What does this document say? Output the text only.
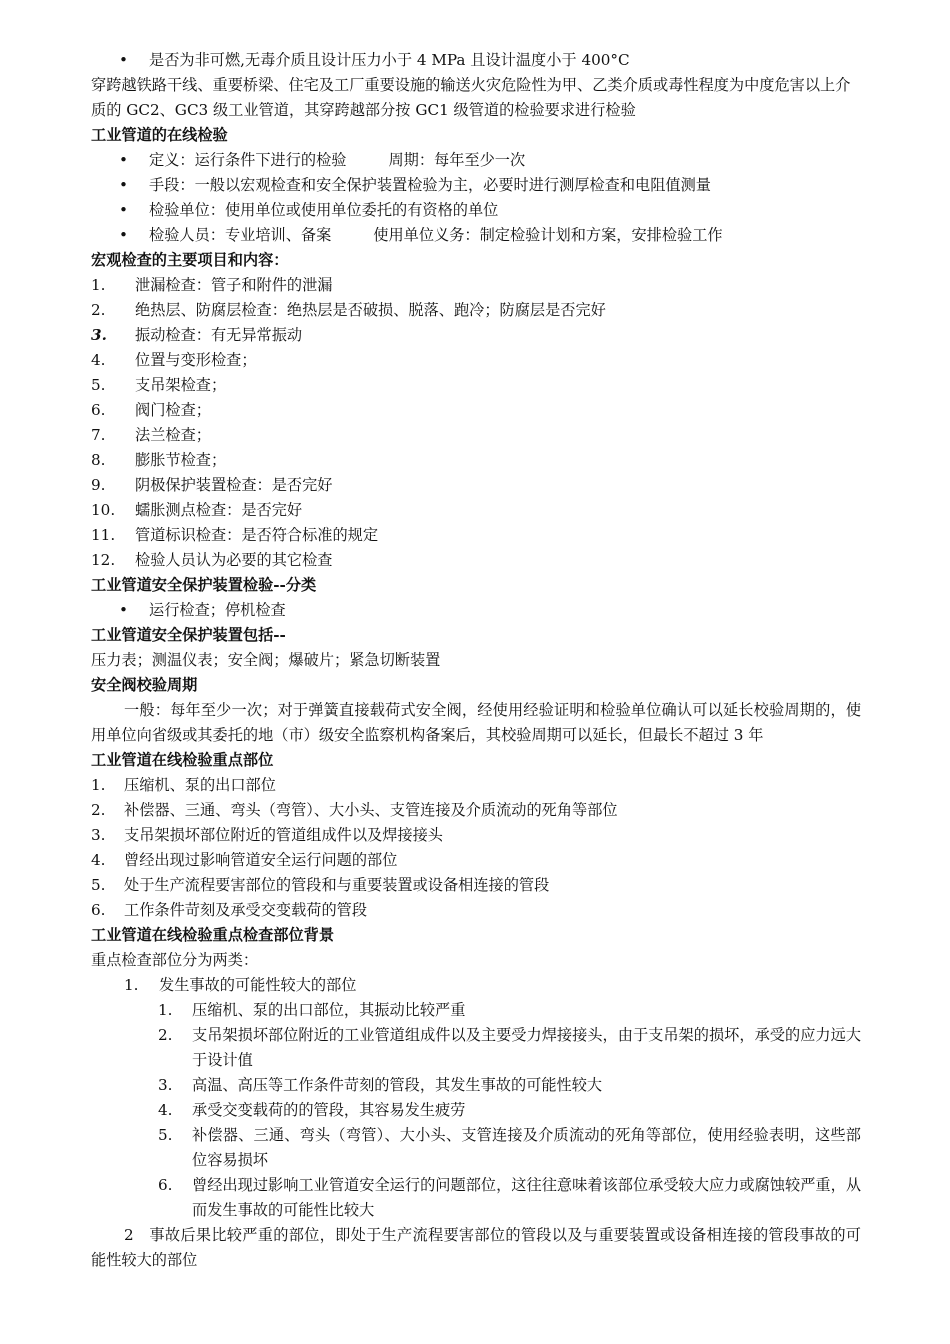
• 是否为非可燃,无毒介质且设计压力小于 4 MPa 且设计温度小于 400°C
穿跨越铁路干线、重要桥梁、住宅及工厂重要设施的输送火灾危险性为甲、乙类介质或毒性程度为中度危害以上介质的 GC2、GC3 级工业管道，其穿跨越部分按 GC1 级管道的检验要求进行检验
工业管道的在线检验
• 定义：运行条件下进行的检验	周期：每年至少一次
• 手段：一般以宏观检查和安全保护装置检验为主，必要时进行测厚检查和电阻值测量
• 检验单位：使用单位或使用单位委托的有资格的单位
• 检验人员：专业培训、备案	使用单位义务：制定检验计划和方案，安排检验工作
宏观检查的主要项目和内容：
1. 泄漏检查：管子和附件的泄漏
2. 绝热层、防腐层检查：绝热层是否破损、脱落、跑冷；防腐层是否完好
3. 振动检查：有无异常振动
4. 位置与变形检查；
5. 支吊架检查；
6. 阀门检查；
7. 法兰检查；
8. 膨胀节检查；
9. 阴极保护装置检查：是否完好
10. 蠕胀测点检查：是否完好
11. 管道标识检查：是否符合标准的规定
12. 检验人员认为必要的其它检查
工业管道安全保护装置检验--分类
• 运行检查；停机检查
工业管道安全保护装置包括--
压力表；测温仪表；安全阀；爆破片；紧急切断装置
安全阀校验周期
一般：每年至少一次；对于弹簧直接载荷式安全阀，经使用经验证明和检验单位确认可以延长校验周期的，使用单位向省级或其委托的地（市）级安全监察机构备案后，其校验周期可以延长，但最长不超过 3 年
工业管道在线检验重点部位
1. 压缩机、泵的出口部位
2. 补偿器、三通、弯头（弯管）、大小头、支管连接及介质流动的死角等部位
3. 支吊架损坏部位附近的管道组成件以及焊接接头
4. 曾经出现过影响管道安全运行问题的部位
5. 处于生产流程要害部位的管段和与重要装置或设备相连接的管段
6. 工作条件苛刻及承受交变载荷的管段
工业管道在线检验重点检查部位背景
重点检查部位分为两类：
1. 发生事故的可能性较大的部位
1. 压缩机、泵的出口部位，其振动比较严重
2. 支吊架损坏部位附近的工业管道组成件以及主要受力焊接接头，由于支吊架的损坏，承受的应力远大于设计值
3. 高温、高压等工作条件苛刻的管段，其发生事故的可能性较大
4. 承受交变载荷的的管段，其容易发生疲劳
5. 补偿器、三通、弯头（弯管）、大小头、支管连接及介质流动的死角等部位，使用经验表明，这些部位容易损坏
6. 曾经出现过影响工业管道安全运行的问题部位，这往往意味着该部位承受较大应力或腐蚀较严重，从而发生事故的可能性比较大
2　事故后果比较严重的部位，即处于生产流程要害部位的管段以及与重要装置或设备相连接的管段事故的可能性较大的部位
